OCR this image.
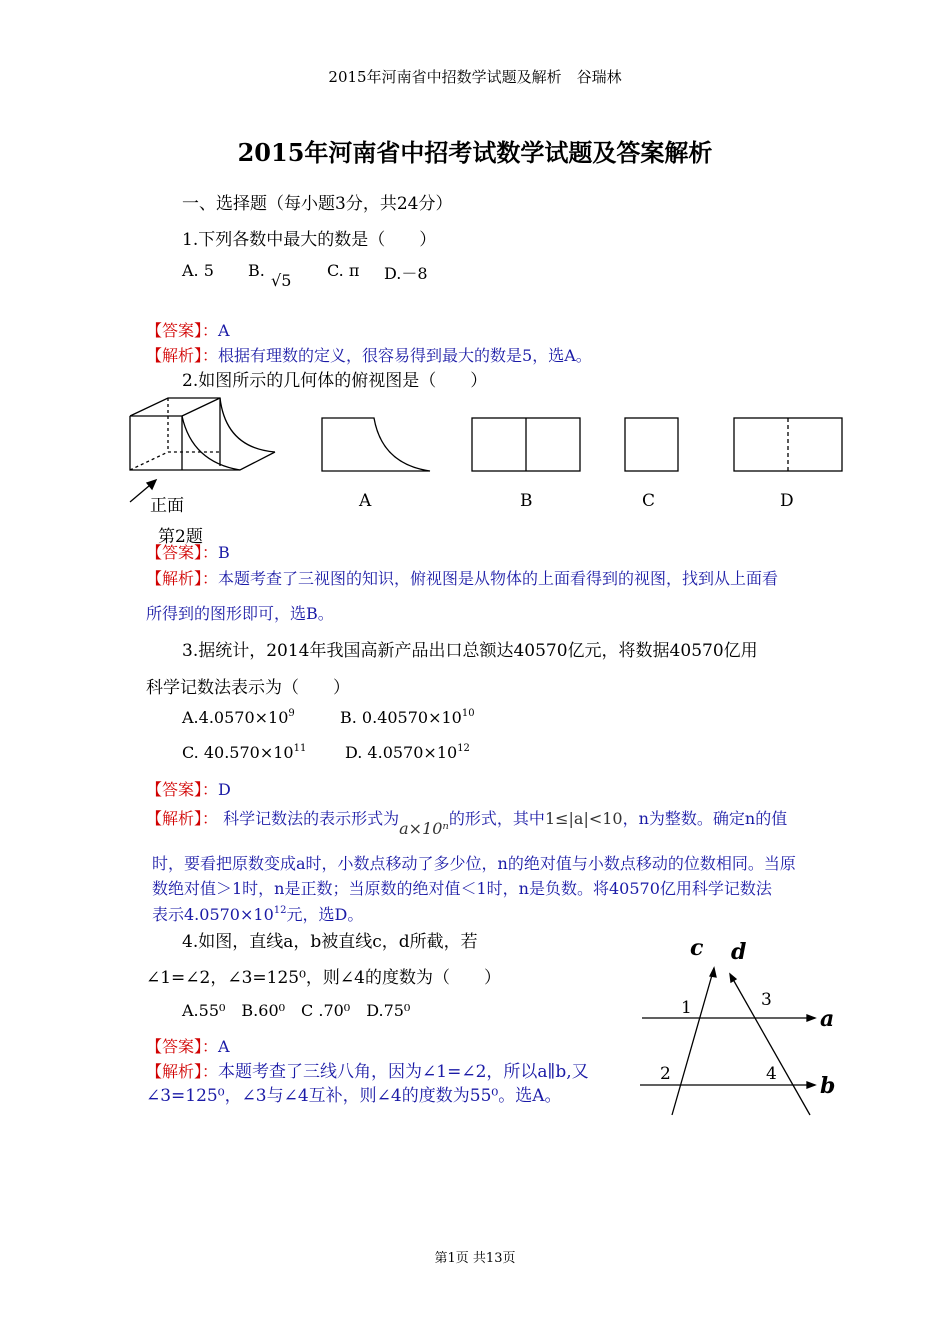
2015年河南省中招数学试题及解析　谷瑞林
2015年河南省中招考试数学试题及答案解析
一、选择题（每小题3分，共24分）
1.下列各数中最大的数是（　　）
A. 5 B.
√5
C. π D.－8
【答案】：A
【解析】：根据有理数的定义，很容易得到最大的数是5，选A。
2.如图所示的几何体的俯视图是（　　）
正面	A	B	C	D
第2题
【答案】：B
【解析】：本题考查了三视图的知识，俯视图是从物体的上面看得到的视图，找到从上面看
所得到的图形即可，选B。
3.据统计，2014年我国高新产品出口总额达40570亿元，将数据40570亿用
科学记数法表示为（　　）
$A.4.0570\times 10^9$	B. $0.40570\times 10^{10}$
C. $40.570\times 10^{11}$ D. $4.0570\times 10^{12}$
【答案】：D
【解析】： 科学记数法的表示形式为a×10ⁿ的形式，其中1≤|a|<10，n为整数。确定n的值
时，要看把原数变成a时，小数点移动了多少位，n的绝对值与小数点移动的位数相同。当原
数绝对值＞1时，n是正数；当原数的绝对值＜1时，n是负数。将40570亿用科学记数法
表示$4.0570\times 10^{12}$元，选D。
4.如图，直线a，b被直线c，d所截，若
∠1=∠2，∠3=125⁰，则∠4的度数为（　　）
A.55⁰　B.60⁰　C .70⁰　D.75⁰
【答案】：A
【解析】：本题考查了三线八角，因为∠1=∠2，所以a∥b,又
∠3=125⁰，∠3与∠4互补，则∠4的度数为55⁰。选A。
c d
a
b
1	3
2	4
第1页 共13页
